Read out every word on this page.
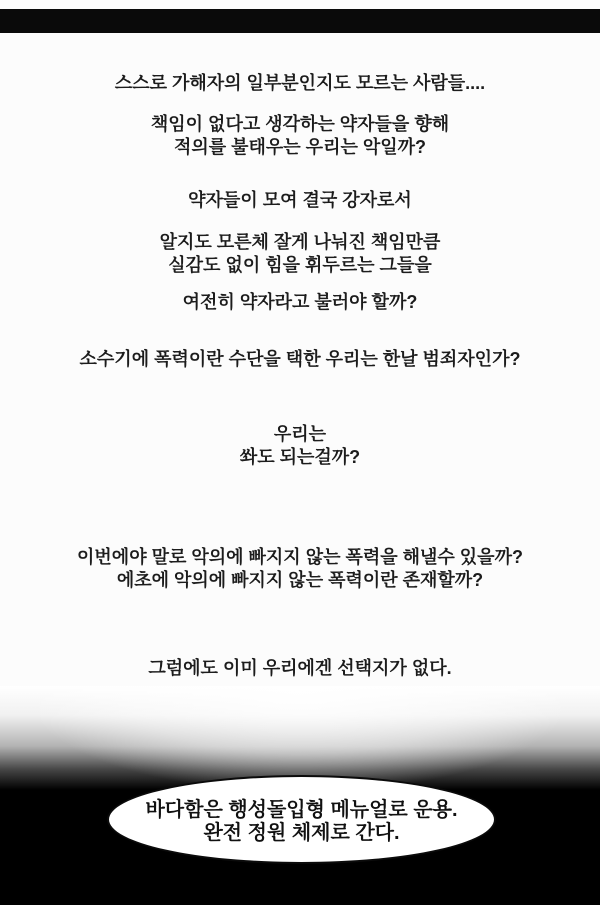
스스로 가해자의 일부분인지도 모르는 사람들....
책임이 없다고 생각하는 약자들을 향해
적의를 불태우는 우리는 악일까?
약자들이 모여 결국 강자로서
알지도 모른체 잘게 나눠진 책임만큼
실감도 없이 힘을 휘두르는 그들을
여전히 약자라고 불러야 할까?
소수기에 폭력이란 수단을 택한 우리는 한날 범죄자인가?
우리는
쏴도 되는걸까?
이번에야 말로 악의에 빠지지 않는 폭력을 해낼수 있을까?
에초에 악의에 빠지지 않는 폭력이란 존재할까?
그럼에도 이미 우리에겐 선택지가 없다.
바다함은 행성돌입형 메뉴얼로 운용.
완전 정원 체제로 간다.
